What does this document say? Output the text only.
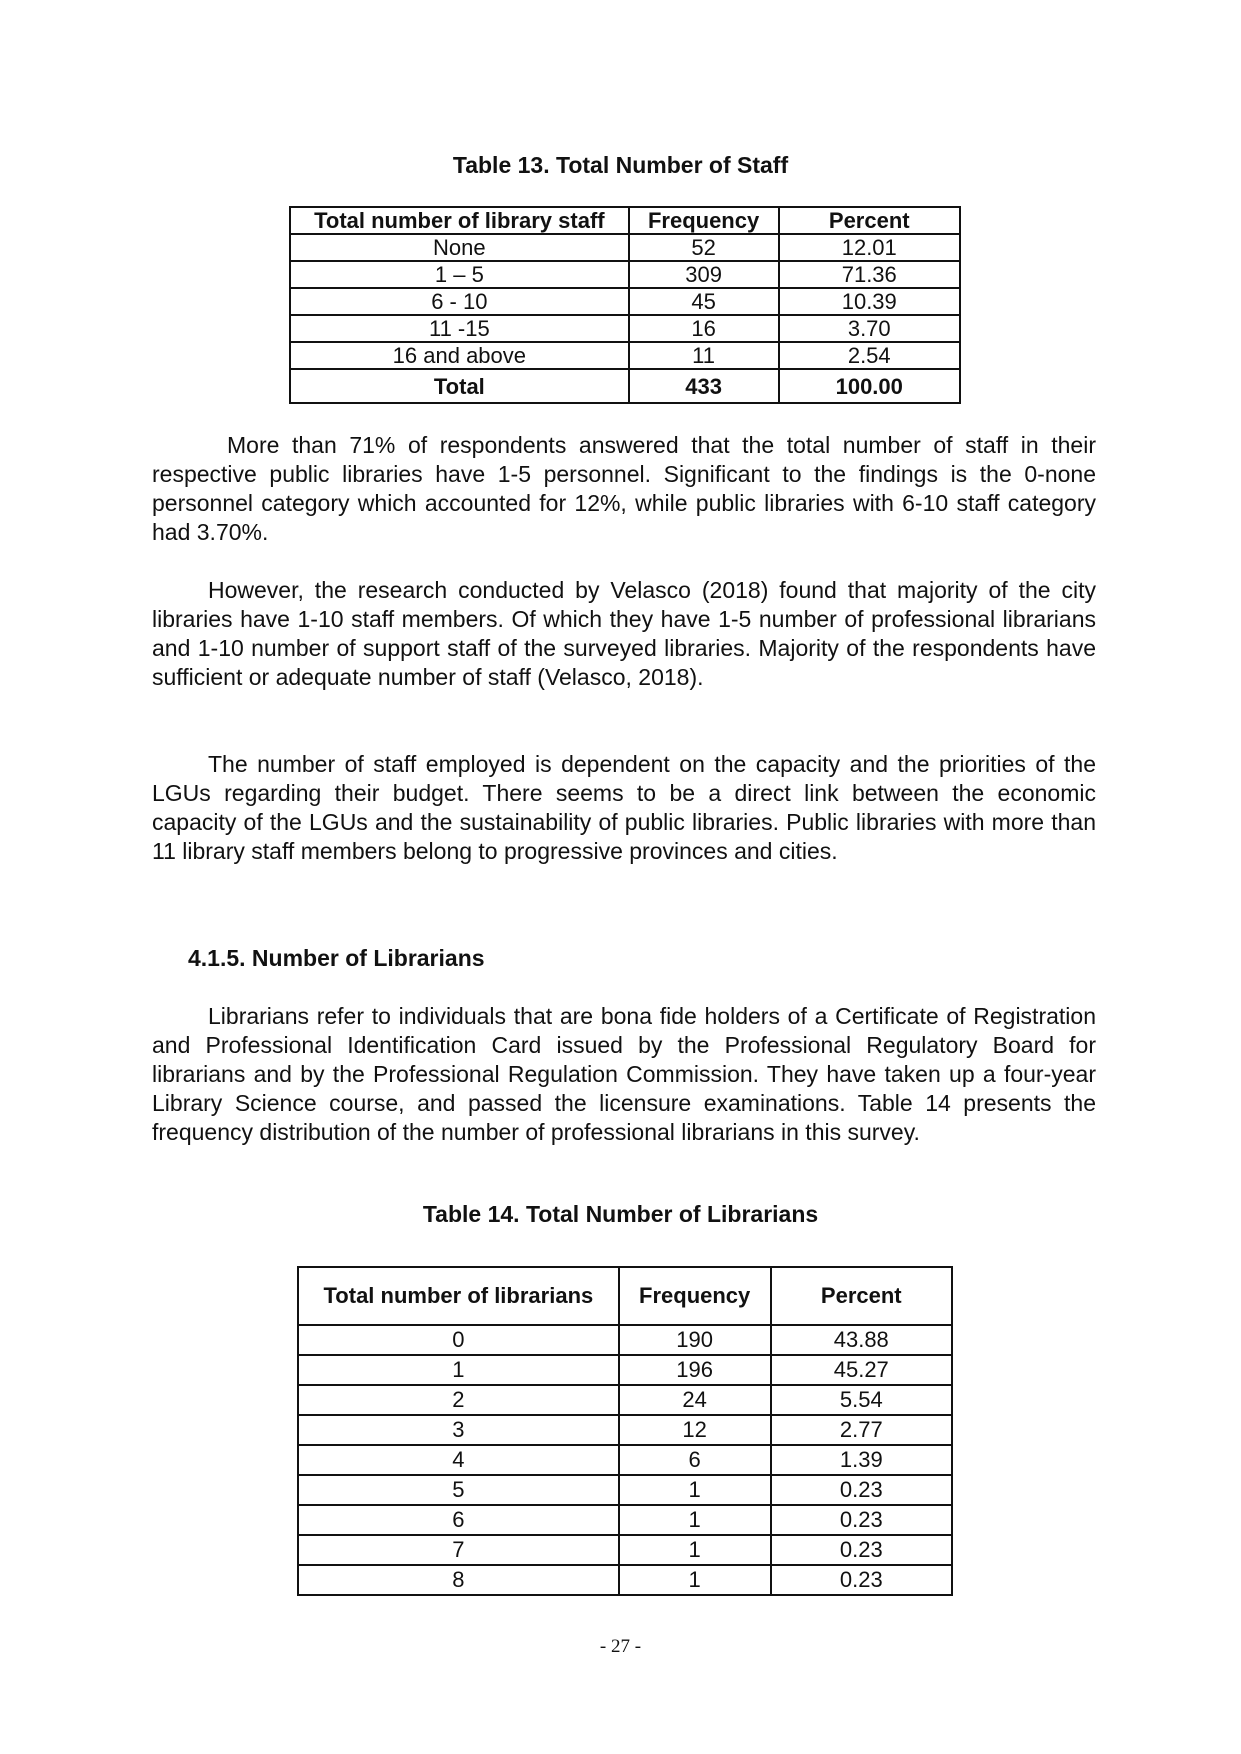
Table 13. Total Number of Staff
Total number of library staff	Frequency	Percent
None	52	12.01
1 – 5	309	71.36
6 - 10	45	10.39
11 -15	16	3.70
16 and above	11	2.54
Total	433	100.00

More than 71% of respondents answered that the total number of staff in their respective public libraries have 1-5 personnel. Significant to the findings is the 0-none personnel category which accounted for 12%, while public libraries with 6-10 staff category had 3.70%.

However, the research conducted by Velasco (2018) found that majority of the city libraries have 1-10 staff members. Of which they have 1-5 number of professional librarians and 1-10 number of support staff of the surveyed libraries. Majority of the respondents have sufficient or adequate number of staff (Velasco, 2018).

The number of staff employed is dependent on the capacity and the priorities of the LGUs regarding their budget. There seems to be a direct link between the economic capacity of the LGUs and the sustainability of public libraries. Public libraries with more than 11 library staff members belong to progressive provinces and cities.

4.1.5. Number of Librarians

Librarians refer to individuals that are bona fide holders of a Certificate of Registration and Professional Identification Card issued by the Professional Regulatory Board for librarians and by the Professional Regulation Commission. They have taken up a four-year Library Science course, and passed the licensure examinations. Table 14 presents the frequency distribution of the number of professional librarians in this survey.

Table 14. Total Number of Librarians
Total number of librarians	Frequency	Percent
0	190	43.88
1	196	45.27
2	24	5.54
3	12	2.77
4	6	1.39
5	1	0.23
6	1	0.23
7	1	0.23
8	1	0.23
- 27 -
